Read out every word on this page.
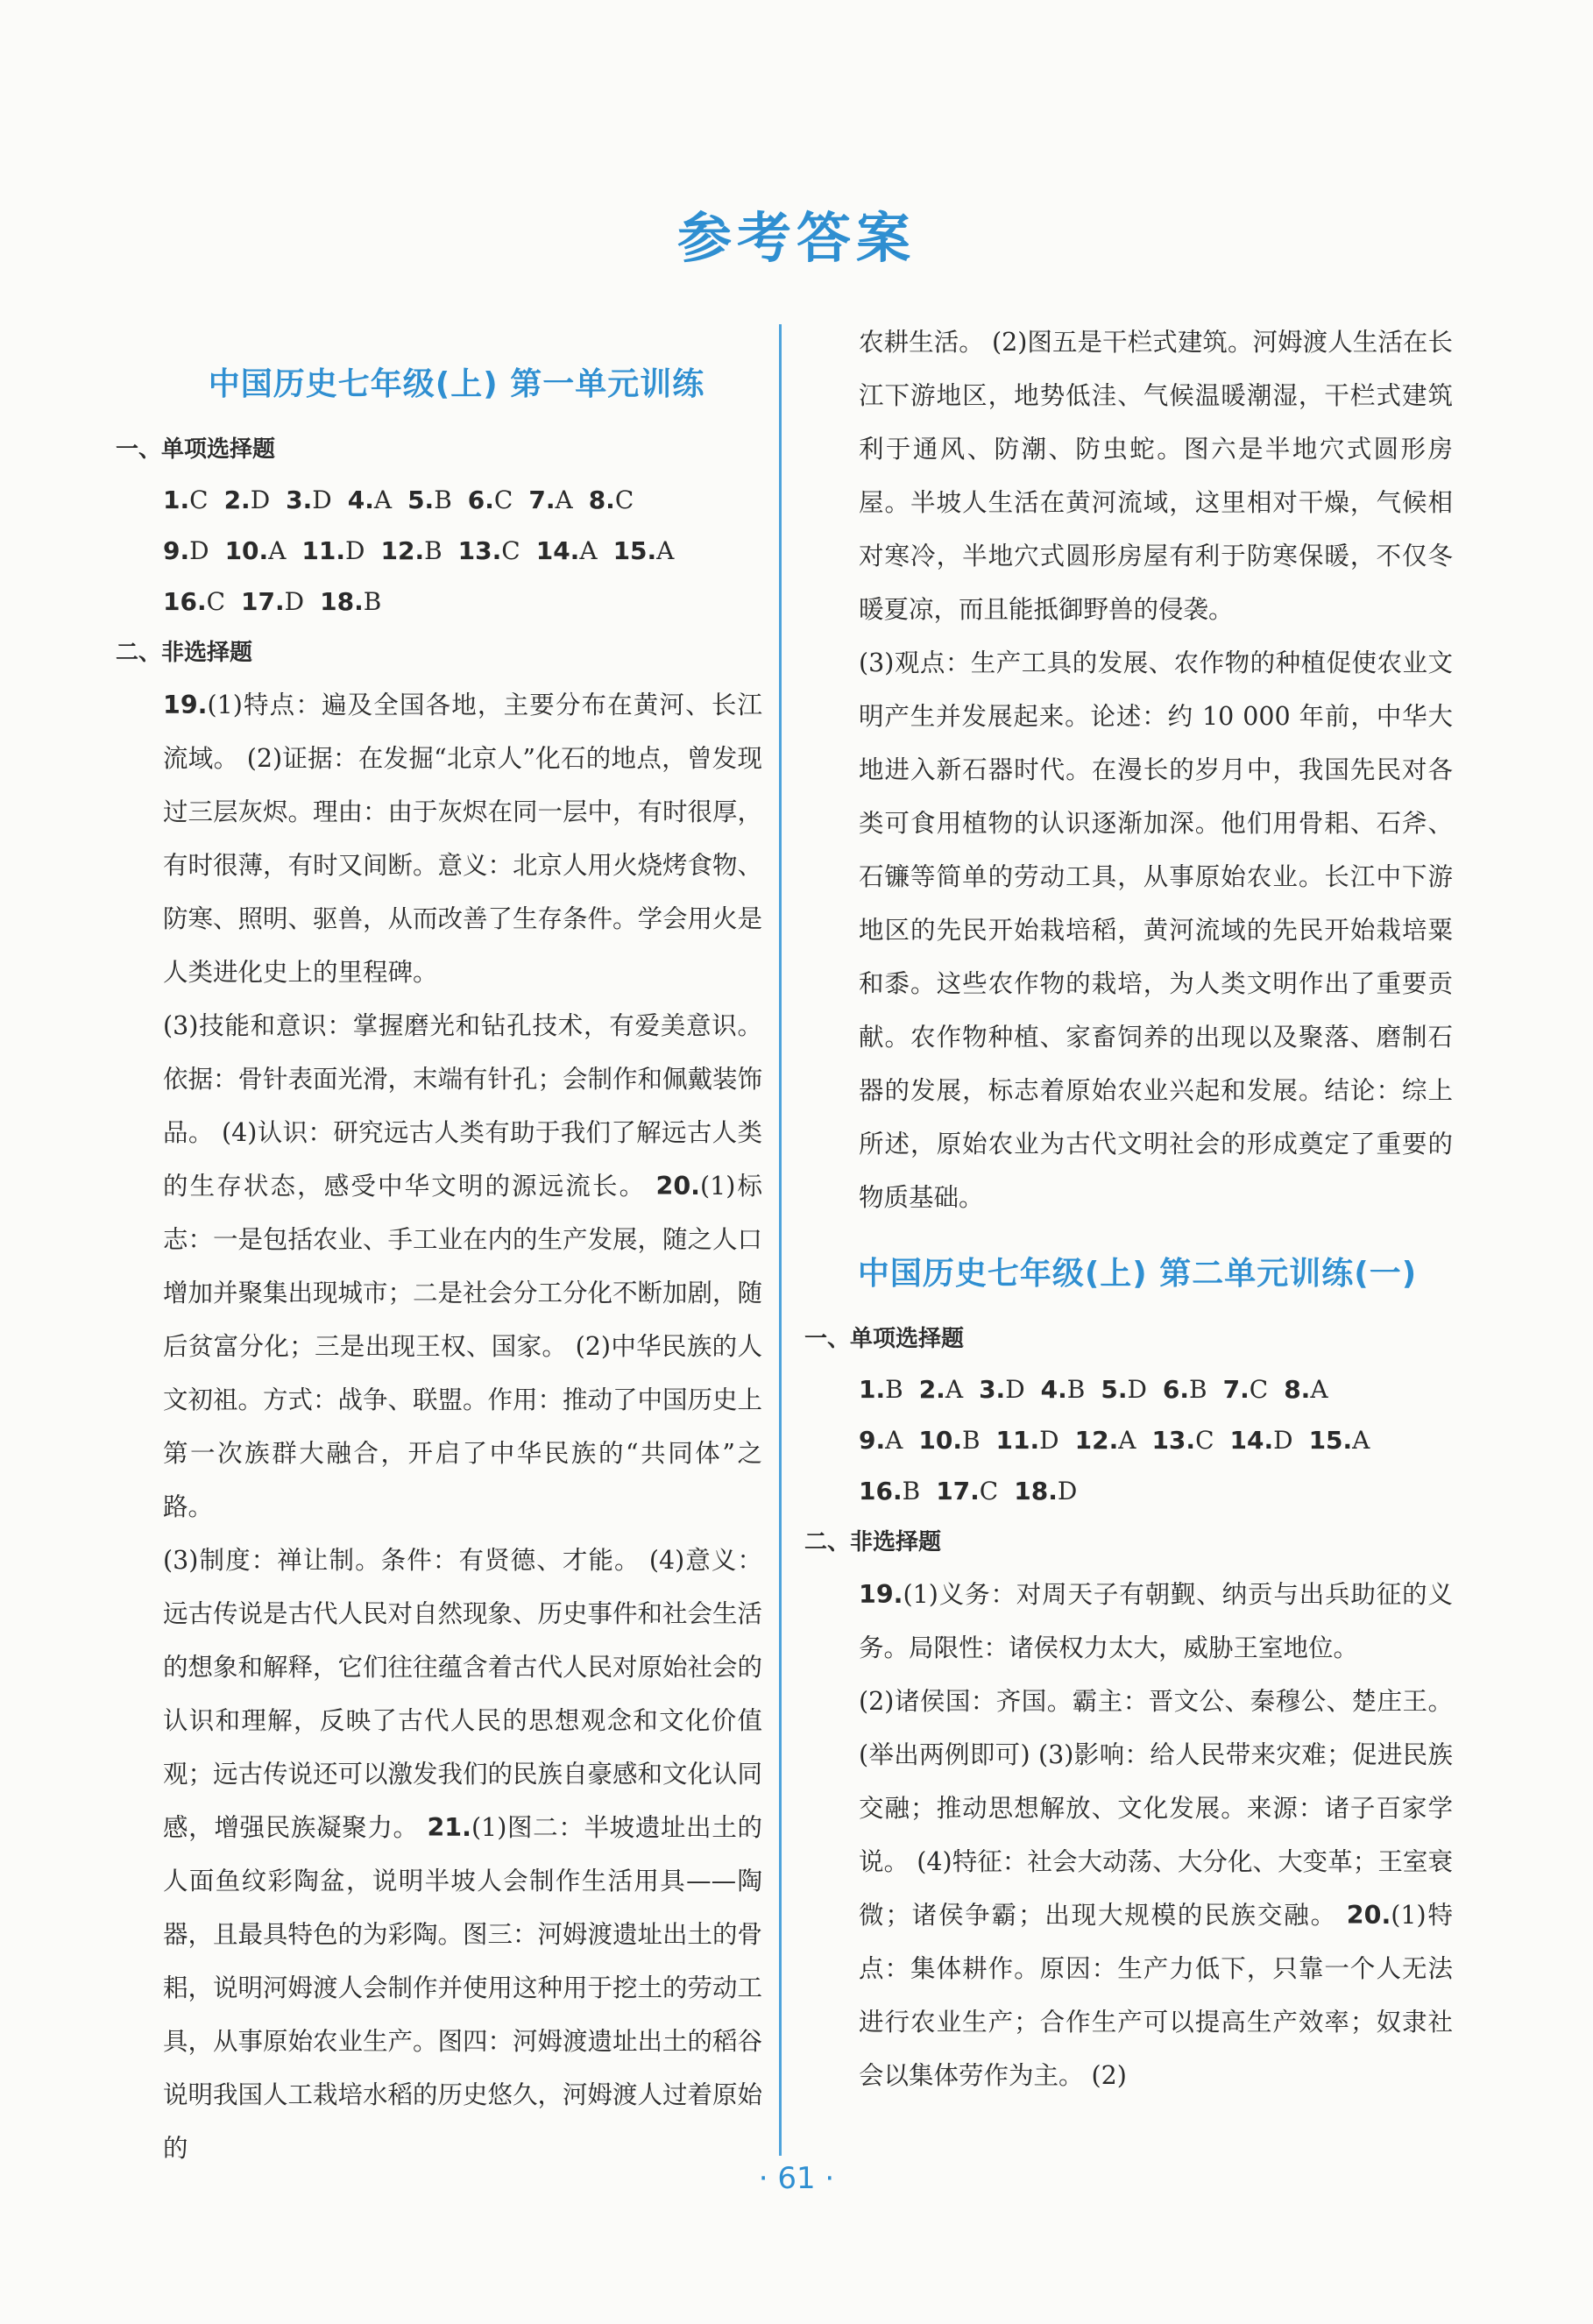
参考答案
中国历史七年级(上) 第一单元训练
一、单项选择题
1.C 2.D 3.D 4.A 5.B 6.C 7.A 8.C
9.D 10.A 11.D 12.B 13.C 14.A 15.A
16.C 17.D 18.B
二、非选择题

19.(1)特点：遍及全国各地，主要分布在黄河、长江流域。 (2)证据：在发掘“北京人”化石的地点，曾发现过三层灰烬。理由：由于灰烬在同一层中，有时很厚，有时很薄，有时又间断。意义：北京人用火烧烤食物、防寒、照明、驱兽，从而改善了生存条件。学会用火是人类进化史上的里程碑。

(3)技能和意识：掌握磨光和钻孔技术，有爱美意识。依据：骨针表面光滑，末端有针孔；会制作和佩戴装饰品。 (4)认识：研究远古人类有助于我们了解远古人类的生存状态，感受中华文明的源远流长。 20.(1)标志：一是包括农业、手工业在内的生产发展，随之人口增加并聚集出现城市；二是社会分工分化不断加剧，随后贫富分化；三是出现王权、国家。 (2)中华民族的人文初祖。方式：战争、联盟。作用：推动了中国历史上第一次族群大融合，开启了中华民族的“共同体”之路。

(3)制度：禅让制。条件：有贤德、才能。 (4)意义：远古传说是古代人民对自然现象、历史事件和社会生活的想象和解释，它们往往蕴含着古代人民对原始社会的认识和理解，反映了古代人民的思想观念和文化价值观；远古传说还可以激发我们的民族自豪感和文化认同感，增强民族凝聚力。 21.(1)图二：半坡遗址出土的人面鱼纹彩陶盆，说明半坡人会制作生活用具——陶器，且最具特色的为彩陶。图三：河姆渡遗址出土的骨耜，说明河姆渡人会制作并使用这种用于挖土的劳动工具，从事原始农业生产。图四：河姆渡遗址出土的稻谷说明我国人工栽培水稻的历史悠久，河姆渡人过着原始的

农耕生活。 (2)图五是干栏式建筑。河姆渡人生活在长江下游地区，地势低洼、气候温暖潮湿，干栏式建筑利于通风、防潮、防虫蛇。图六是半地穴式圆形房屋。半坡人生活在黄河流域，这里相对干燥，气候相对寒冷，半地穴式圆形房屋有利于防寒保暖，不仅冬暖夏凉，而且能抵御野兽的侵袭。

(3)观点：生产工具的发展、农作物的种植促使农业文明产生并发展起来。论述：约 10 000 年前，中华大地进入新石器时代。在漫长的岁月中，我国先民对各类可食用植物的认识逐渐加深。他们用骨耜、石斧、石镰等简单的劳动工具，从事原始农业。长江中下游地区的先民开始栽培稻，黄河流域的先民开始栽培粟和黍。这些农作物的栽培，为人类文明作出了重要贡献。农作物种植、家畜饲养的出现以及聚落、磨制石器的发展，标志着原始农业兴起和发展。结论：综上所述，原始农业为古代文明社会的形成奠定了重要的物质基础。

中国历史七年级(上) 第二单元训练(一)
一、单项选择题
1.B 2.A 3.D 4.B 5.D 6.B 7.C 8.A
9.A 10.B 11.D 12.A 13.C 14.D 15.A
16.B 17.C 18.D
二、非选择题

19.(1)义务：对周天子有朝觐、纳贡与出兵助征的义务。局限性：诸侯权力太大，威胁王室地位。

(2)诸侯国：齐国。霸主：晋文公、秦穆公、楚庄王。(举出两例即可) (3)影响：给人民带来灾难；促进民族交融；推动思想解放、文化发展。来源：诸子百家学说。 (4)特征：社会大动荡、大分化、大变革；王室衰微；诸侯争霸；出现大规模的民族交融。 20.(1)特点：集体耕作。原因：生产力低下，只靠一个人无法进行农业生产；合作生产可以提高生产效率；奴隶社会以集体劳作为主。 (2)

· 61 ·
